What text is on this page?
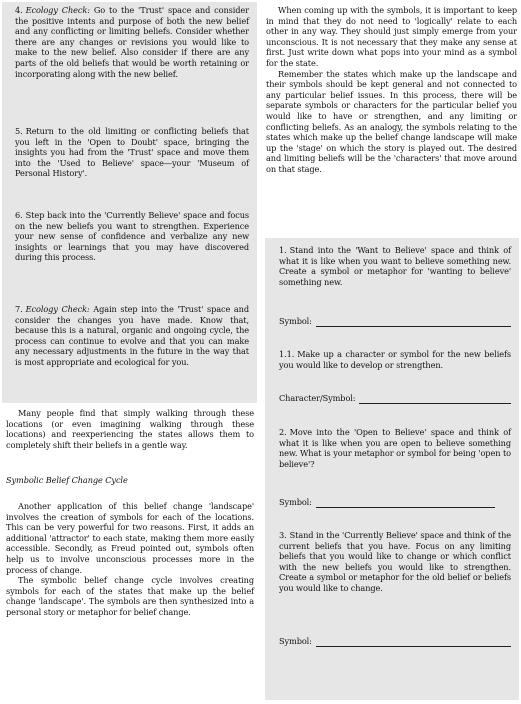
4. Ecology Check: Go to the 'Trust' space and consider the positive intents and purpose of both the new belief and any conflicting or limiting beliefs. Consider whether there are any changes or revisions you would like to make to the new belief. Also consider if there are any parts of the old beliefs that would be worth retaining or incorporating along with the new belief.
5. Return to the old limiting or conflicting beliefs that you left in the 'Open to Doubt' space, bringing the insights you had from the 'Trust' space and move them into the 'Used to Believe' space—your 'Museum of Personal History'.
6. Step back into the 'Currently Believe' space and focus on the new beliefs you want to strengthen. Experience your new sense of confidence and verbalize any new insights or learnings that you may have discovered during this process.
7. Ecology Check: Again step into the 'Trust' space and consider the changes you have made. Know that, because this is a natural, organic and ongoing cycle, the process can continue to evolve and that you can make any necessary adjustments in the future in the way that is most appropriate and ecological for you.

Many people find that simply walking through these locations (or even imagining walking through these locations) and reexperiencing the states allows them to completely shift their beliefs in a gentle way.

Symbolic Belief Change Cycle

Another application of this belief change 'landscape' involves the creation of symbols for each of the locations. This can be very powerful for two reasons. First, it adds an additional 'attractor' to each state, making them more easily accessible. Secondly, as Freud pointed out, symbols often help us to involve unconscious processes more in the process of change.

The symbolic belief change cycle involves creating symbols for each of the states that make up the belief change 'landscape'. The symbols are then synthesized into a personal story or metaphor for belief change.

When coming up with the symbols, it is important to keep in mind that they do not need to 'logically' relate to each other in any way. They should just simply emerge from your unconscious. It is not necessary that they make any sense at first. Just write down what pops into your mind as a symbol for the state.

Remember the states which make up the landscape and their symbols should be kept general and not connected to any particular belief issues. In this process, there will be separate symbols or characters for the particular belief you would like to have or strengthen, and any limiting or conflicting beliefs. As an analogy, the symbols relating to the states which make up the belief change landscape will make up the 'stage' on which the story is played out. The desired and limiting beliefs will be the 'characters' that move around on that stage.

1. Stand into the 'Want to Believe' space and think of what it is like when you want to believe something new. Create a symbol or metaphor for 'wanting to believe' something new.
Symbol:
1.1. Make up a character or symbol for the new beliefs you would like to develop or strengthen.
Character/Symbol:
2. Move into the 'Open to Believe' space and think of what it is like when you are open to believe something new. What is your metaphor or symbol for being 'open to believe'?
Symbol:
3. Stand in the 'Currently Believe' space and think of the current beliefs that you have. Focus on any limiting beliefs that you would like to change or which conflict with the new beliefs you would like to strengthen. Create a symbol or metaphor for the old belief or beliefs you would like to change.
Symbol:
